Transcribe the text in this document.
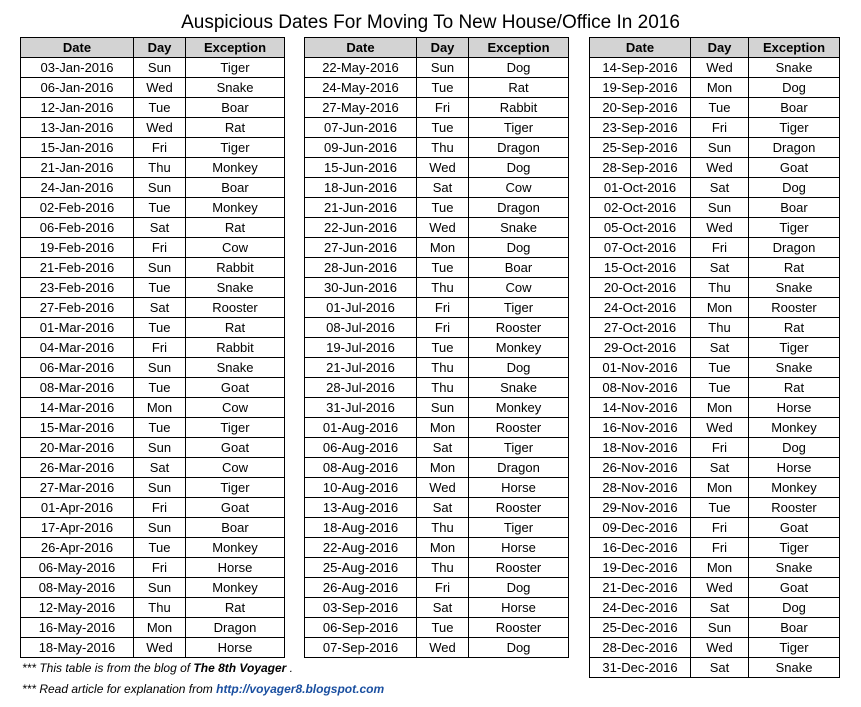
Auspicious Dates For Moving To New House/Office In 2016
Date	Day	Exception
03-Jan-2016	Sun	Tiger
06-Jan-2016	Wed	Snake
12-Jan-2016	Tue	Boar
13-Jan-2016	Wed	Rat
15-Jan-2016	Fri	Tiger
21-Jan-2016	Thu	Monkey
24-Jan-2016	Sun	Boar
02-Feb-2016	Tue	Monkey
06-Feb-2016	Sat	Rat
19-Feb-2016	Fri	Cow
21-Feb-2016	Sun	Rabbit
23-Feb-2016	Tue	Snake
27-Feb-2016	Sat	Rooster
01-Mar-2016	Tue	Rat
04-Mar-2016	Fri	Rabbit
06-Mar-2016	Sun	Snake
08-Mar-2016	Tue	Goat
14-Mar-2016	Mon	Cow
15-Mar-2016	Tue	Tiger
20-Mar-2016	Sun	Goat
26-Mar-2016	Sat	Cow
27-Mar-2016	Sun	Tiger
01-Apr-2016	Fri	Goat
17-Apr-2016	Sun	Boar
26-Apr-2016	Tue	Monkey
06-May-2016	Fri	Horse
08-May-2016	Sun	Monkey
12-May-2016	Thu	Rat
16-May-2016	Mon	Dragon
18-May-2016	Wed	Horse
Date	Day	Exception
22-May-2016	Sun	Dog
24-May-2016	Tue	Rat
27-May-2016	Fri	Rabbit
07-Jun-2016	Tue	Tiger
09-Jun-2016	Thu	Dragon
15-Jun-2016	Wed	Dog
18-Jun-2016	Sat	Cow
21-Jun-2016	Tue	Dragon
22-Jun-2016	Wed	Snake
27-Jun-2016	Mon	Dog
28-Jun-2016	Tue	Boar
30-Jun-2016	Thu	Cow
01-Jul-2016	Fri	Tiger
08-Jul-2016	Fri	Rooster
19-Jul-2016	Tue	Monkey
21-Jul-2016	Thu	Dog
28-Jul-2016	Thu	Snake
31-Jul-2016	Sun	Monkey
01-Aug-2016	Mon	Rooster
06-Aug-2016	Sat	Tiger
08-Aug-2016	Mon	Dragon
10-Aug-2016	Wed	Horse
13-Aug-2016	Sat	Rooster
18-Aug-2016	Thu	Tiger
22-Aug-2016	Mon	Horse
25-Aug-2016	Thu	Rooster
26-Aug-2016	Fri	Dog
03-Sep-2016	Sat	Horse
06-Sep-2016	Tue	Rooster
07-Sep-2016	Wed	Dog
Date	Day	Exception
14-Sep-2016	Wed	Snake
19-Sep-2016	Mon	Dog
20-Sep-2016	Tue	Boar
23-Sep-2016	Fri	Tiger
25-Sep-2016	Sun	Dragon
28-Sep-2016	Wed	Goat
01-Oct-2016	Sat	Dog
02-Oct-2016	Sun	Boar
05-Oct-2016	Wed	Tiger
07-Oct-2016	Fri	Dragon
15-Oct-2016	Sat	Rat
20-Oct-2016	Thu	Snake
24-Oct-2016	Mon	Rooster
27-Oct-2016	Thu	Rat
29-Oct-2016	Sat	Tiger
01-Nov-2016	Tue	Snake
08-Nov-2016	Tue	Rat
14-Nov-2016	Mon	Horse
16-Nov-2016	Wed	Monkey
18-Nov-2016	Fri	Dog
26-Nov-2016	Sat	Horse
28-Nov-2016	Mon	Monkey
29-Nov-2016	Tue	Rooster
09-Dec-2016	Fri	Goat
16-Dec-2016	Fri	Tiger
19-Dec-2016	Mon	Snake
21-Dec-2016	Wed	Goat
24-Dec-2016	Sat	Dog
25-Dec-2016	Sun	Boar
28-Dec-2016	Wed	Tiger
31-Dec-2016	Sat	Snake
*** This table is from the blog of The 8th Voyager .
*** Read article for explanation from http://voyager8.blogspot.com
